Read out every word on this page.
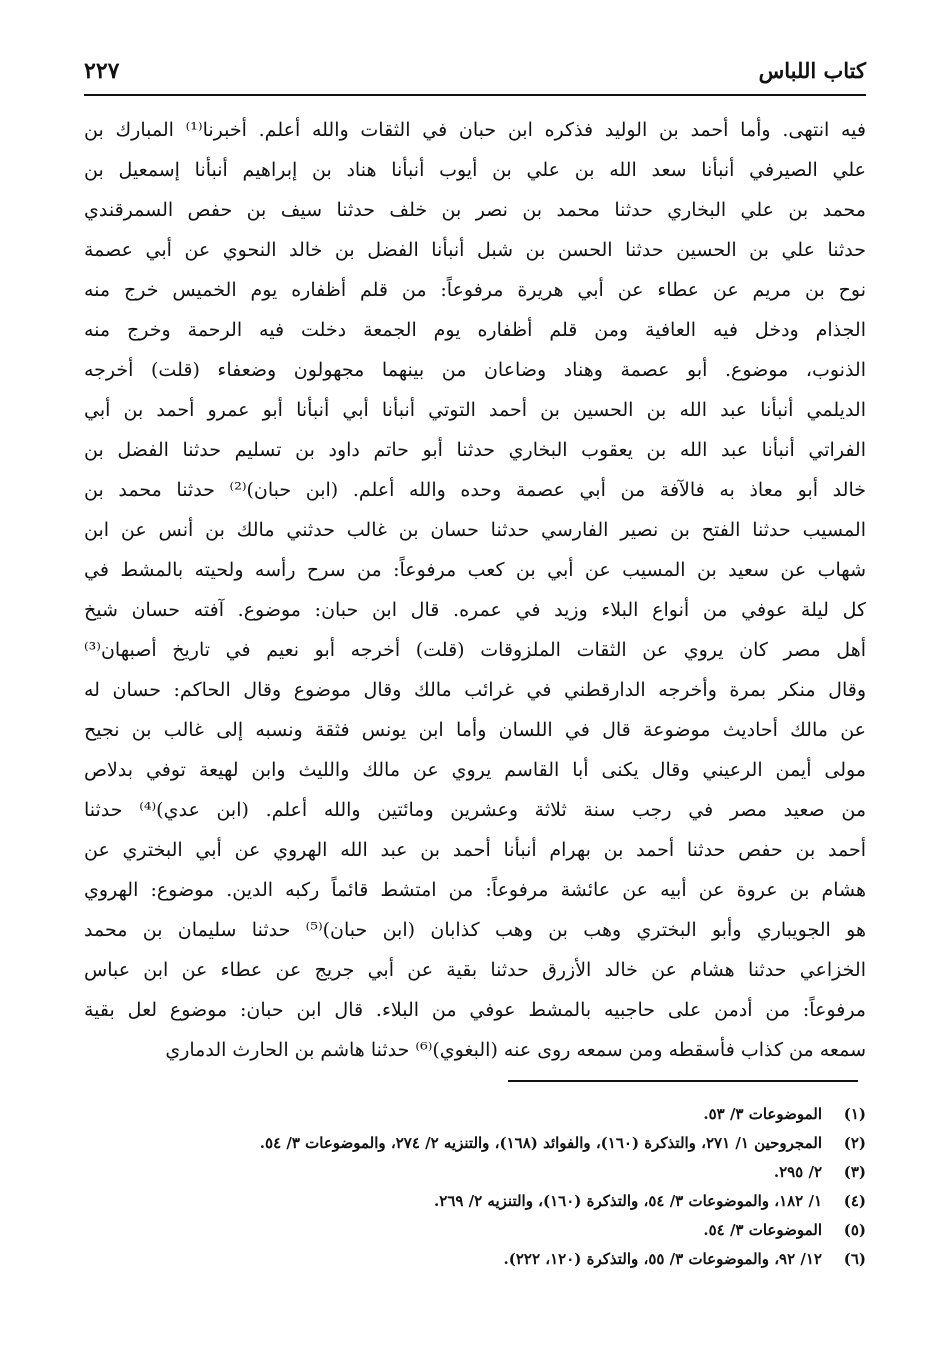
كتاب اللباس
٢٢٧
فيه انتهى. وأما أحمد بن الوليد فذكره ابن حبان في الثقات والله أعلم. أخبرنا⁽¹⁾ المبارك بن
علي الصيرفي أنبأنا سعد الله بن علي بن أيوب أنبأنا هناد بن إبراهيم أنبأنا إسمعيل بن
محمد بن علي البخاري حدثنا محمد بن نصر بن خلف حدثنا سيف بن حفص السمرقندي
حدثنا علي بن الحسين حدثنا الحسن بن شبل أنبأنا الفضل بن خالد النحوي عن أبي عصمة
نوح بن مريم عن عطاء عن أبي هريرة مرفوعاً: من قلم أظفاره يوم الخميس خرج منه
الجذام ودخل فيه العافية ومن قلم أظفاره يوم الجمعة دخلت فيه الرحمة وخرج منه
الذنوب، موضوع. أبو عصمة وهناد وضاعان من بينهما مجهولون وضعفاء (قلت) أخرجه
الديلمي أنبأنا عبد الله بن الحسين بن أحمد التوتي أنبأنا أبي أنبأنا أبو عمرو أحمد بن أبي
الفراتي أنبأنا عبد الله بن يعقوب البخاري حدثنا أبو حاتم داود بن تسليم حدثنا الفضل بن
خالد أبو معاذ به فالآفة من أبي عصمة وحده والله أعلم. (ابن حبان)⁽²⁾ حدثنا محمد بن
المسيب حدثنا الفتح بن نصير الفارسي حدثنا حسان بن غالب حدثني مالك بن أنس عن ابن
شهاب عن سعيد بن المسيب عن أبي بن كعب مرفوعاً: من سرح رأسه ولحيته بالمشط في
كل ليلة عوفي من أنواع البلاء وزيد في عمره. قال ابن حبان: موضوع. آفته حسان شيخ
أهل مصر كان يروي عن الثقات الملزوقات (قلت) أخرجه أبو نعيم في تاريخ أصبهان⁽³⁾
وقال منكر بمرة وأخرجه الدارقطني في غرائب مالك وقال موضوع وقال الحاكم: حسان له
عن مالك أحاديث موضوعة قال في اللسان وأما ابن يونس فثقة ونسبه إلى غالب بن نجيح
مولى أيمن الرعيني وقال يكنى أبا القاسم يروي عن مالك والليث وابن لهيعة توفي بدلاص
من صعيد مصر في رجب سنة ثلاثة وعشرين ومائتين والله أعلم. (ابن عدي)⁽⁴⁾ حدثنا
أحمد بن حفص حدثنا أحمد بن بهرام أنبأنا أحمد بن عبد الله الهروي عن أبي البختري عن
هشام بن عروة عن أبيه عن عائشة مرفوعاً: من امتشط قائماً ركبه الدين. موضوع: الهروي
هو الجويباري وأبو البختري وهب بن وهب كذابان (ابن حبان)⁽⁵⁾ حدثنا سليمان بن محمد
الخزاعي حدثنا هشام عن خالد الأزرق حدثنا بقية عن أبي جريج عن عطاء عن ابن عباس
مرفوعاً: من أدمن على حاجبيه بالمشط عوفي من البلاء. قال ابن حبان: موضوع لعل بقية
سمعه من كذاب فأسقطه ومن سمعه روى عنه (البغوي)⁽⁶⁾ حدثنا هاشم بن الحارث الدماري
(١)الموضوعات ٣/ ٥٣.
(٢)المجروحين ١/ ٢٧١، والتذكرة (١٦٠)، والفوائد (١٦٨)، والتنزيه ٢/ ٢٧٤، والموضوعات ٣/ ٥٤.
(٣)٢/ ٢٩٥.
(٤)١/ ١٨٢، والموضوعات ٣/ ٥٤، والتذكرة (١٦٠)، والتنزيه ٢/ ٢٦٩.
(٥)الموضوعات ٣/ ٥٤.
(٦)١٢/ ٩٢، والموضوعات ٣/ ٥٥، والتذكرة (١٢٠، ٢٢٢).
